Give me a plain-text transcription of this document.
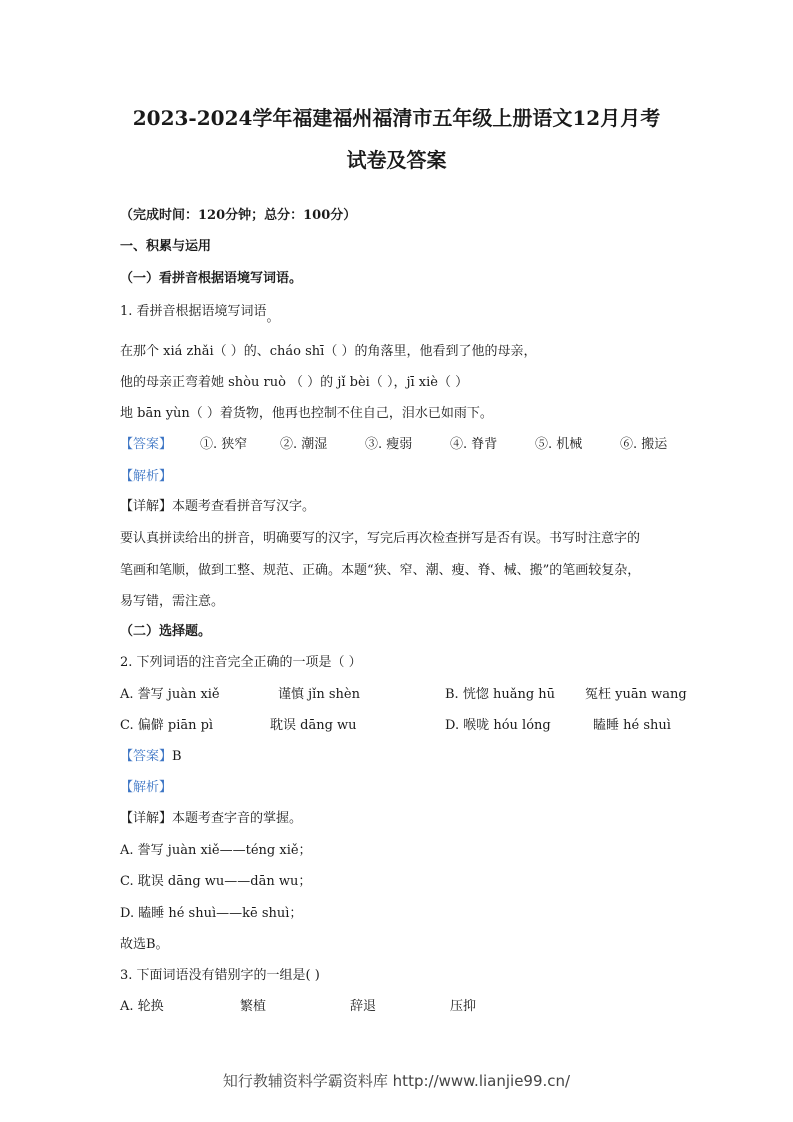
2023-2024学年福建福州福清市五年级上册语文12月月考
试卷及答案
（完成时间：120分钟；总分：100分）
一、积累与运用
（一）看拼音根据语境写词语。
1. 看拼音根据语境写词语。
在那个 xiá zhǎi（ ）的、cháo shī（ ）的角落里，他看到了他的母亲，
他的母亲正弯着她 shòu ruò （ ）的 jǐ bèi（ ），jī xiè（ ）
地 bān yùn（ ）着货物，他再也控制不住自己，泪水已如雨下。
【答案】 ①. 狭窄	②. 潮湿	③. 瘦弱	④. 脊背	⑤. 机械	⑥. 搬运
【解析】
【详解】本题考查看拼音写汉字。
要认真拼读给出的拼音，明确要写的汉字，写完后再次检查拼写是否有误。书写时注意字的
笔画和笔顺，做到工整、规范、正确。本题“狭、窄、潮、瘦、脊、械、搬”的笔画较复杂，
易写错，需注意。
（二）选择题。
2. 下列词语的注音完全正确的一项是（ ）
A. 誊写 juàn xiě	谨慎 jǐn shèn	B. 恍惚 huǎng hū 冤枉 yuān wang
C. 偏僻 piān pì	耽误 dāng wu	D. 喉咙 hóu lóng	瞌睡 hé shuì
【答案】B
【解析】
【详解】本题考查字音的掌握。
A. 誊写 juàn xiě——téng xiě；
C. 耽误 dāng wu——dān wu；
D. 瞌睡 hé shuì——kē shuì；
故选B。
3. 下面词语没有错别字的一组是( )
A. 轮换	繁植	辞退	压抑
知行教辅资料学霸资料库 http://www.lianjie99.cn/
